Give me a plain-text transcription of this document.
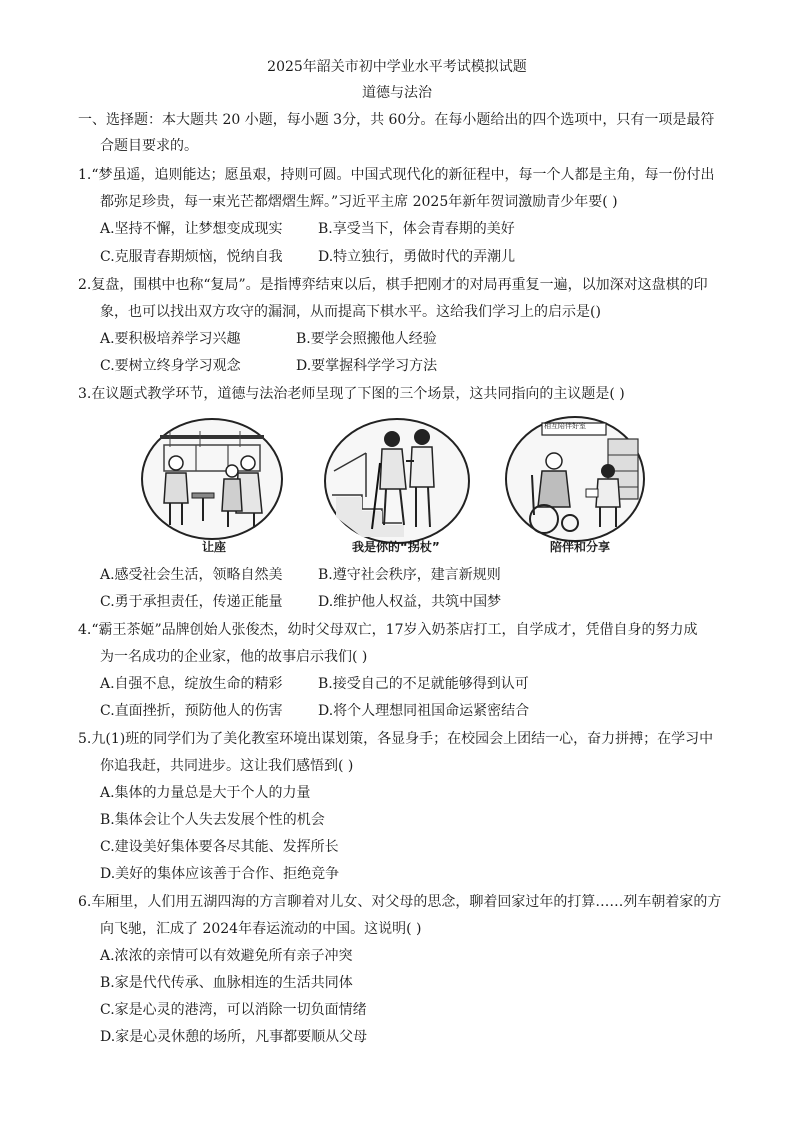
2025年韶关市初中学业水平考试模拟试题
道德与法治
一、选择题：本大题共 20 小题，每小题 3分，共 60分。在每小题给出的四个选项中，只有一项是最符
合题目要求的。
1.“梦虽遥，追则能达；愿虽艰，持则可圆。中国式现代化的新征程中，每一个人都是主角，每一份付出
都弥足珍贵，每一束光芒都熠熠生辉。”习近平主席 2025年新年贺词激励青少年要( )
A.坚持不懈，让梦想变成现实	B.享受当下，体会青春期的美好
C.克服青春期烦恼，悦纳自我	D.特立独行，勇做时代的弄潮儿
2.复盘，围棋中也称“复局”。是指博弈结束以后，棋手把刚才的对局再重复一遍，以加深对这盘棋的印
象，也可以找出双方攻守的漏洞，从而提高下棋水平。这给我们学习上的启示是()
A.要积极培养学习兴趣	B.要学会照搬他人经验
C.要树立终身学习观念	D.要掌握科学学习方法
3.在议题式教学环节，道德与法治老师呈现了下图的三个场景，这共同指向的主议题是( )
相互陪伴好室
让座	我是你的“拐杖”	陪伴和分享
A.感受社会生活，领略自然美	B.遵守社会秩序，建言新规则
C.勇于承担责任，传递正能量	D.维护他人权益，共筑中国梦
4.“霸王茶姬”品牌创始人张俊杰，幼时父母双亡，17岁入奶茶店打工，自学成才，凭借自身的努力成
为一名成功的企业家，他的故事启示我们( )
A.自强不息，绽放生命的精彩	B.接受自己的不足就能够得到认可
C.直面挫折，预防他人的伤害	D.将个人理想同祖国命运紧密结合
5.九(1)班的同学们为了美化教室环境出谋划策，各显身手；在校园会上团结一心，奋力拼搏；在学习中
你追我赶，共同进步。这让我们感悟到( )
A.集体的力量总是大于个人的力量
B.集体会让个人失去发展个性的机会
C.建设美好集体要各尽其能、发挥所长
D.美好的集体应该善于合作、拒绝竞争
6.车厢里，人们用五湖四海的方言聊着对儿女、对父母的思念，聊着回家过年的打算……列车朝着家的方
向飞驰，汇成了 2024年春运流动的中国。这说明( )
A.浓浓的亲情可以有效避免所有亲子冲突
B.家是代代传承、血脉相连的生活共同体
C.家是心灵的港湾，可以消除一切负面情绪
D.家是心灵休憩的场所，凡事都要顺从父母
